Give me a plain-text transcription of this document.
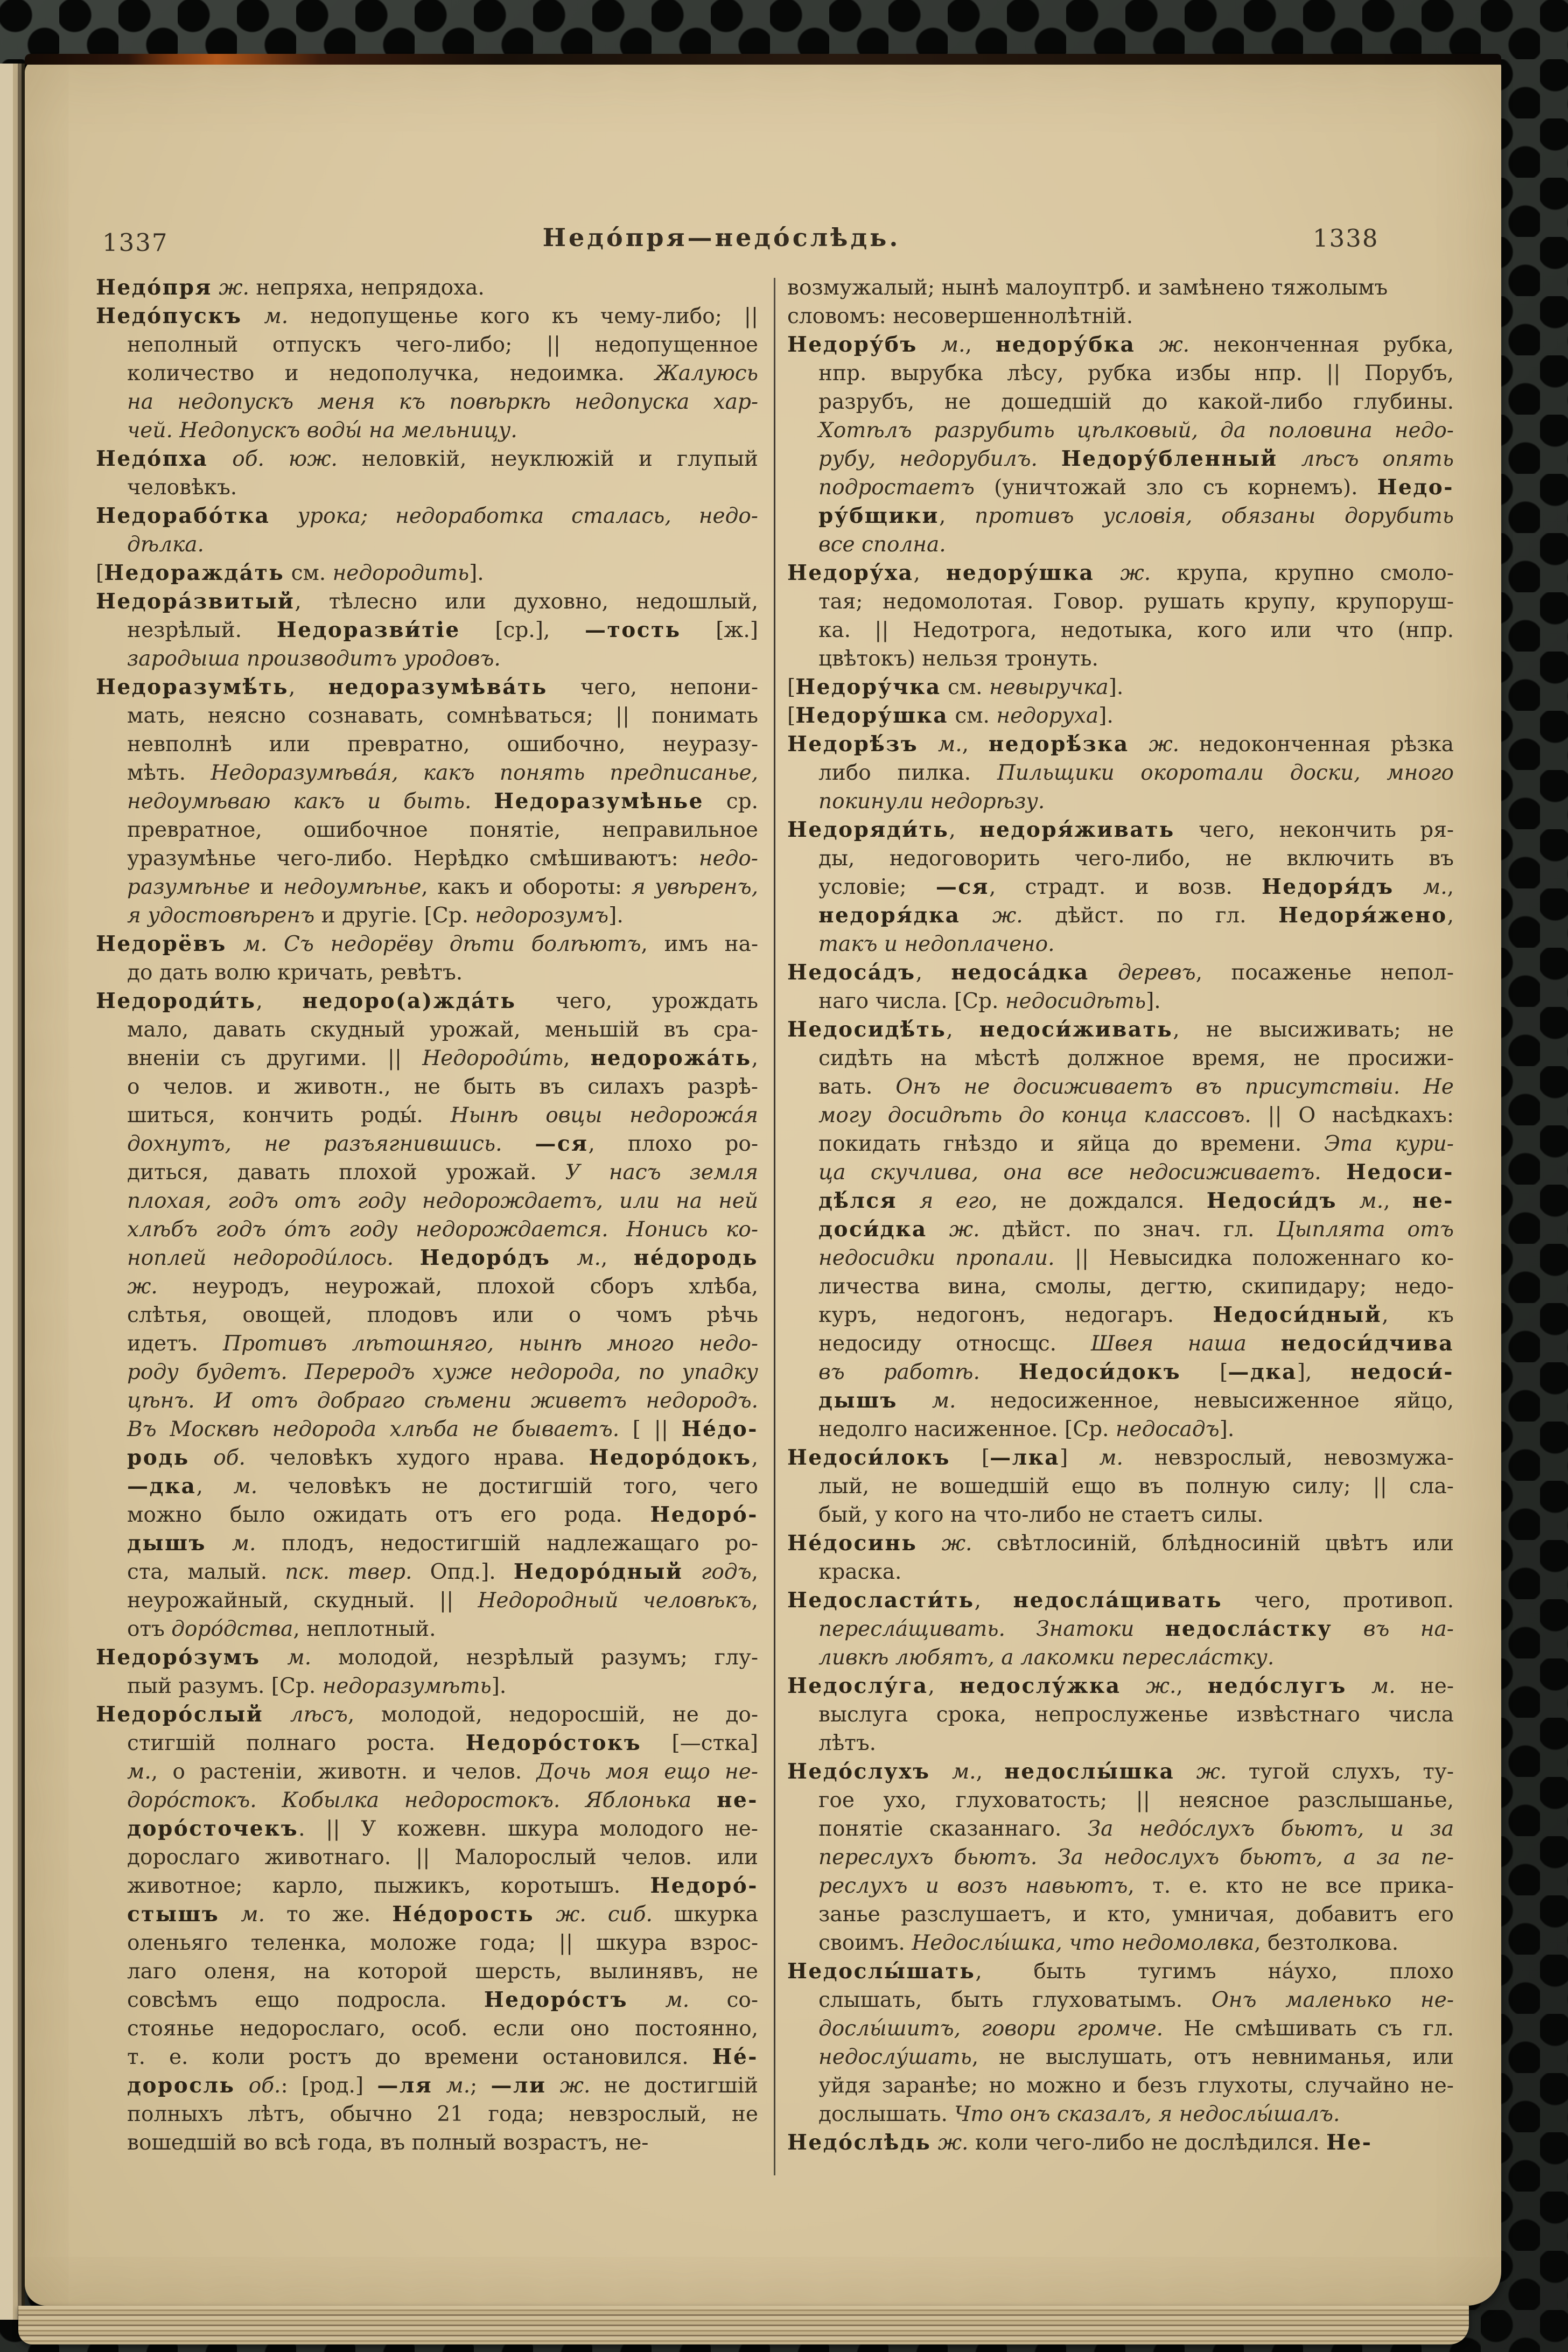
1337	Недо́пря—недо́слѣдь.	1338
Недо́пря ж. непряха, непрядоха.
Недо́пускъ м. недопущенье кого къ чему-либо; ||
неполный отпускъ чего-либо; || недопущенное
количество и недополучка, недоимка. Жалуюсь
на недопускъ меня къ повѣркѣ недопуска хар-
чей. Недопускъ воды́ на мельницу.
Недо́пха об. юж. неловкій, неуклюжій и глупый
человѣкъ.
Недорабо́тка урока; недоработка сталась, недо-
дѣлка.
[Недоражда́ть см. недородить].
Недора́звитый, тѣлесно или духовно, недошлый,
незрѣлый. Недоразви́тіе [ср.], —тость [ж.]
зародыша производитъ уродовъ.
Недоразумѣ́ть, недоразумѣва́ть чего, непони-
мать, неясно сознавать, сомнѣваться; || понимать
невполнѣ или превратно, ошибочно, неуразу-
мѣть. Недоразумѣва́я, какъ понять предписанье,
недоумѣваю какъ и быть. Недоразумѣнье ср.
превратное, ошибочное понятіе, неправильное
уразумѣнье чего-либо. Нерѣдко смѣшиваютъ: недо-
разумѣнье и недоумѣнье, какъ и обороты: я увѣренъ,
я удостовѣренъ и другіе. [Ср. недорозумъ].
Недорёвъ м. Съ недорёву дѣти болѣютъ, имъ на-
до дать волю кричать, ревѣтъ.
Недороди́ть, недоро(а)жда́ть чего, урождать
мало, давать скудный урожай, меньшій въ сра-
вненіи съ другими. || Недороди́ть, недорожа́ть,
о челов. и животн., не быть въ силахъ разрѣ-
шиться, кончить роды́. Нынѣ овцы недорожа́я
дохнутъ, не разъягнившись. —ся, плохо ро-
диться, давать плохой урожай. У насъ земля
плохая, годъ отъ году недорождаетъ, или на ней
хлѣбъ годъ о́тъ году недорождается. Нонись ко-
ноплей недороди́лось. Недоро́дъ м., не́дородь
ж. неуродъ, неурожай, плохой сборъ хлѣба,
слѣтья, овощей, плодовъ или о чомъ рѣчь
идетъ. Противъ лѣтошняго, нынѣ много недо-
роду будетъ. Переродъ хуже недорода, по упадку
цѣнъ. И отъ добраго сѣмени живетъ недородъ.
Въ Москвѣ недорода хлѣба не бываетъ. [ || Не́до-
родь об. человѣкъ худого нрава. Недоро́докъ,
—дка, м. человѣкъ не достигшій того, чего
можно было ожидать отъ его рода. Недоро́-
дышъ м. плодъ, недостигшій надлежащаго ро-
ста, малый. пск. твер. Опд.]. Недоро́дный годъ,
неурожайный, скудный. || Недородный человѣкъ,
отъ доро́дства, неплотный.
Недоро́зумъ м. молодой, незрѣлый разумъ; глу-
пый разумъ. [Ср. недоразумѣть].
Недоро́слый лѣсъ, молодой, недоросшій, не до-
стигшій полнаго роста. Недоро́стокъ [—стка]
м., о растеніи, животн. и челов. Дочь моя ещо не-
доро́стокъ. Кобылка недоростокъ. Яблонька не-
доро́сточекъ. || У кожевн. шкура молодого не-
дорослаго животнаго. || Малорослый челов. или
животное; карло, пыжикъ, коротышъ. Недоро́-
стышъ м. то же. Не́дорость ж. сиб. шкурка
оленьяго теленка, моложе года; || шкура взрос-
лаго оленя, на которой шерсть, вылинявъ, не
совсѣмъ ещо подросла. Недоро́стъ м. со-
стоянье недорослаго, особ. если оно постоянно,
т. е. коли ростъ до времени остановился. Не́-
доросль об.: [род.] —ля м.; —ли ж. не достигшій
полныхъ лѣтъ, обычно 21 года; невзрослый, не
вошедшій во всѣ года, въ полный возрастъ, не-
возмужалый; нынѣ малоуптрб. и замѣнено тяжолымъ
словомъ: несовершеннолѣтній.
Недору́бъ м., недору́бка ж. неконченная рубка,
нпр. вырубка лѣсу, рубка избы нпр. || Порубъ,
разрубъ, не дошедшій до какой-либо глубины.
Хотѣлъ разрубить цѣлковый, да половина недо-
рубу, недорубилъ. Недору́бленный лѣсъ опять
подростаетъ (уничтожай зло съ корнемъ). Недо-
ру́бщики, противъ условія, обязаны дорубить
все сполна.
Недору́ха, недору́шка ж. крупа, крупно смоло-
тая; недомолотая. Говор. рушать крупу, крупоруш-
ка. || Недотрога, недотыка, кого или что (нпр.
цвѣтокъ) нельзя тронуть.
[Недору́чка см. невыручка].
[Недору́шка см. недоруха].
Недорѣ́зъ м., недорѣ́зка ж. недоконченная рѣзка
либо пилка. Пильщики окоротали доски, много
покинули недорѣзу.
Недоряди́ть, недоря́живать чего, некончить ря-
ды, недоговорить чего-либо, не включить въ
условіе; —ся, страдт. и возв. Недоря́дъ м.,
недоря́дка ж. дѣйст. по гл. Недоря́жено,
такъ и недоплачено.
Недоса́дъ, недоса́дка деревъ, посаженье непол-
наго числа. [Ср. недосидѣть].
Недосидѣ́ть, недоси́живать, не высиживать; не
сидѣть на мѣстѣ должное время, не просижи-
вать. Онъ не досиживаетъ въ присутствіи. Не
могу досидѣть до конца классовъ. || О насѣдкахъ:
покидать гнѣздо и яйца до времени. Эта кури-
ца скучлива, она все недосиживаетъ. Недоси-
дѣ́лся я его, не дождался. Недоси́дъ м., не-
доси́дка ж. дѣйст. по знач. гл. Цыплята отъ
недосидки пропали. || Невысидка положеннаго ко-
личества вина, смолы, дегтю, скипидару; недо-
куръ, недогонъ, недогаръ. Недоси́дный, къ
недосиду относщс. Швея наша недоси́дчива
въ работѣ. Недоси́докъ [—дка], недоси́-
дышъ м. недосиженное, невысиженное яйцо,
недолго насиженное. [Ср. недосадъ].
Недоси́локъ [—лка] м. невзрослый, невозмужа-
лый, не вошедшій ещо въ полную силу; || сла-
бый, у кого на что-либо не стаетъ силы.
Не́досинь ж. свѣтлосиній, блѣдносиній цвѣтъ или
краска.
Недосласти́ть, недосла́щивать чего, противоп.
пересла́щивать. Знатоки недосла́стку въ на-
ливкѣ любятъ, а лакомки пересла́стку.
Недослу́га, недослу́жка ж., недо́слугъ м. не-
выслуга срока, непрослуженье извѣстнаго числа
лѣтъ.
Недо́слухъ м., недослы́шка ж. тугой слухъ, ту-
гое ухо, глуховатость; || неясное разслышанье,
понятіе сказаннаго. За недо́слухъ бьютъ, и за
переслухъ бьютъ. За недослухъ бьютъ, а за пе-
реслухъ и возъ навьютъ, т. е. кто не все прика-
занье разслушаетъ, и кто, умничая, добавитъ его
своимъ. Недослы́шка, что недомолвка, безтолкова.
Недослы́шать, быть тугимъ на́ухо, плохо
слышать, быть глуховатымъ. Онъ маленько не-
дослы́шитъ, говори громче. Не смѣшивать съ гл.
недослу́шать, не выслушать, отъ невниманья, или
уйдя заранѣе; но можно и безъ глухоты, случайно не-
дослышать. Что онъ сказалъ, я недослы́шалъ.
Недо́слѣдь ж. коли чего-либо не дослѣдился. Не-
